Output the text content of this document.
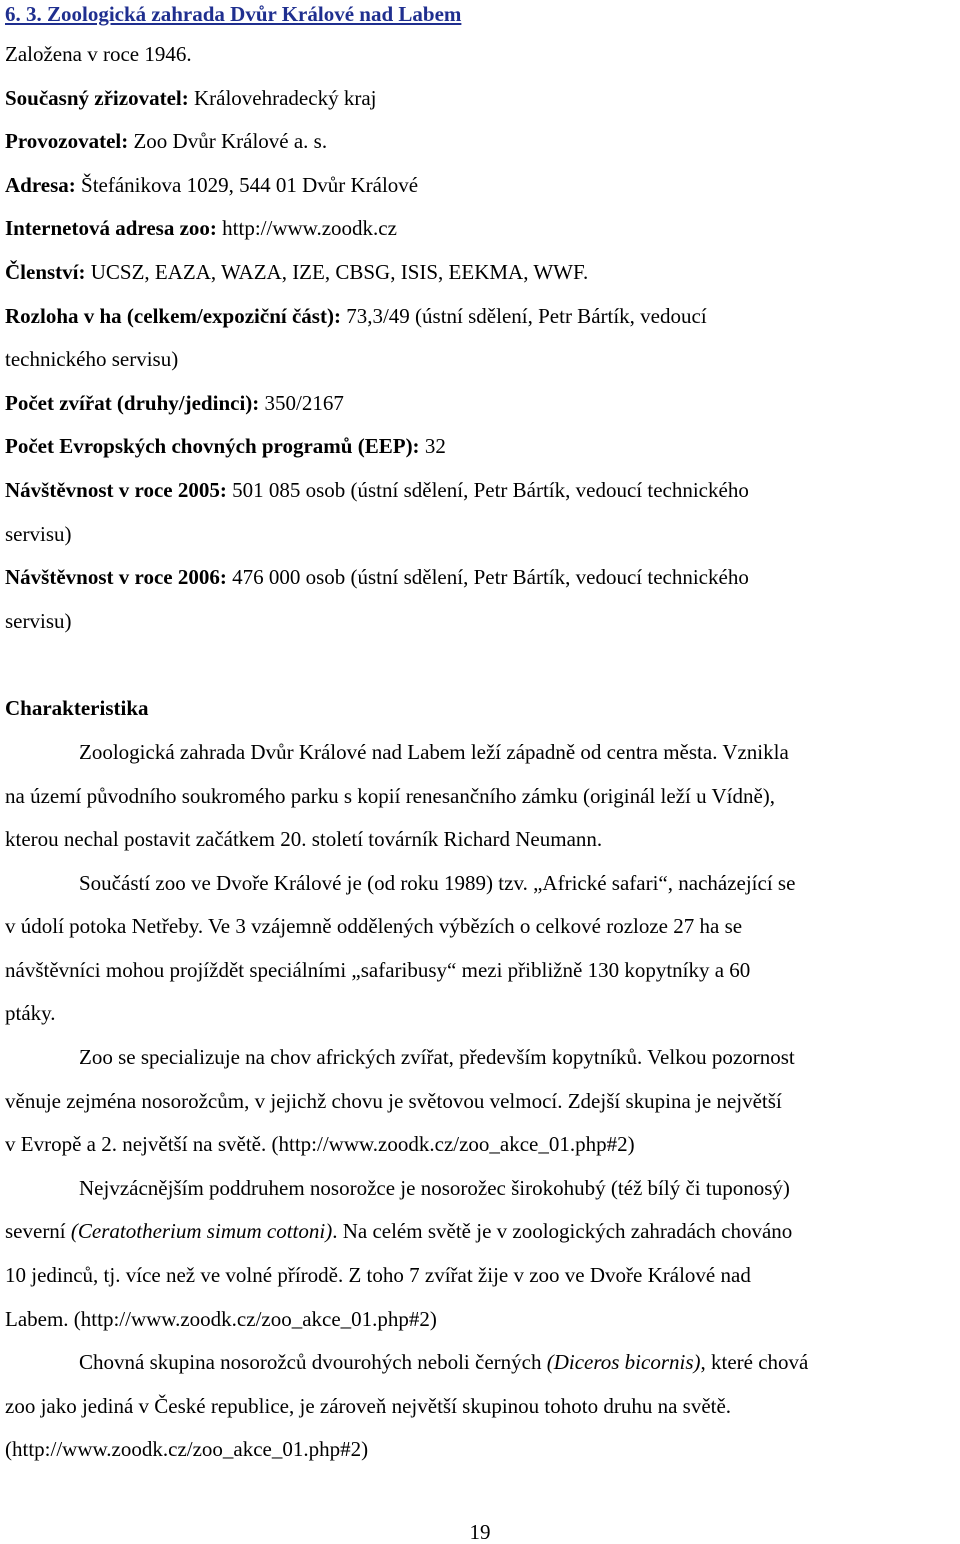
6. 3. Zoologická zahrada Dvůr Králové nad Labem

Založena v roce 1946.

Současný zřizovatel: Královehradecký kraj

Provozovatel: Zoo Dvůr Králové a. s.

Adresa: Štefánikova 1029, 544 01 Dvůr Králové

Internetová adresa zoo: http://www.zoodk.cz

Členství: UCSZ, EAZA, WAZA, IZE, CBSG, ISIS, EEKMA, WWF.

Rozloha v ha (celkem/expoziční část): 73,3/49 (ústní sdělení, Petr Bártík, vedoucí

technického servisu)

Počet zvířat (druhy/jedinci): 350/2167

Počet Evropských chovných programů (EEP): 32

Návštěvnost v roce 2005: 501 085 osob (ústní sdělení, Petr Bártík, vedoucí technického

servisu)

Návštěvnost v roce 2006: 476 000 osob (ústní sdělení, Petr Bártík, vedoucí technického

servisu)

Charakteristika

Zoologická zahrada Dvůr Králové nad Labem leží západně od centra města. Vznikla
na území původního soukromého parku s kopií renesančního zámku (originál leží u Vídně),
kterou nechal postavit začátkem 20. století továrník Richard Neumann.
Součástí zoo ve Dvoře Králové je (od roku 1989) tzv. „Africké safari“, nacházející se
v údolí potoka Netřeby. Ve 3 vzájemně oddělených výbězích o celkové rozloze 27 ha se
návštěvníci mohou projíždět speciálními „safaribusy“ mezi přibližně 130 kopytníky a 60
ptáky.
Zoo se specializuje na chov afrických zvířat, především kopytníků. Velkou pozornost
věnuje zejména nosorožcům, v jejichž chovu je světovou velmocí. Zdejší skupina je největší
v Evropě a 2. největší na světě. (http://www.zoodk.cz/zoo_akce_01.php#2)
Nejvzácnějším poddruhem nosorožce je nosorožec širokohubý (též bílý či tuponosý)
severní (Ceratotherium simum cottoni). Na celém světě je v zoologických zahradách chováno
10 jedinců, tj. více než ve volné přírodě. Z toho 7 zvířat žije v zoo ve Dvoře Králové nad
Labem. (http://www.zoodk.cz/zoo_akce_01.php#2)
Chovná skupina nosorožců dvourohých neboli černých (Diceros bicornis), které chová
zoo jako jediná v České republice, je zároveň největší skupinou tohoto druhu na světě.
(http://www.zoodk.cz/zoo_akce_01.php#2)
19
